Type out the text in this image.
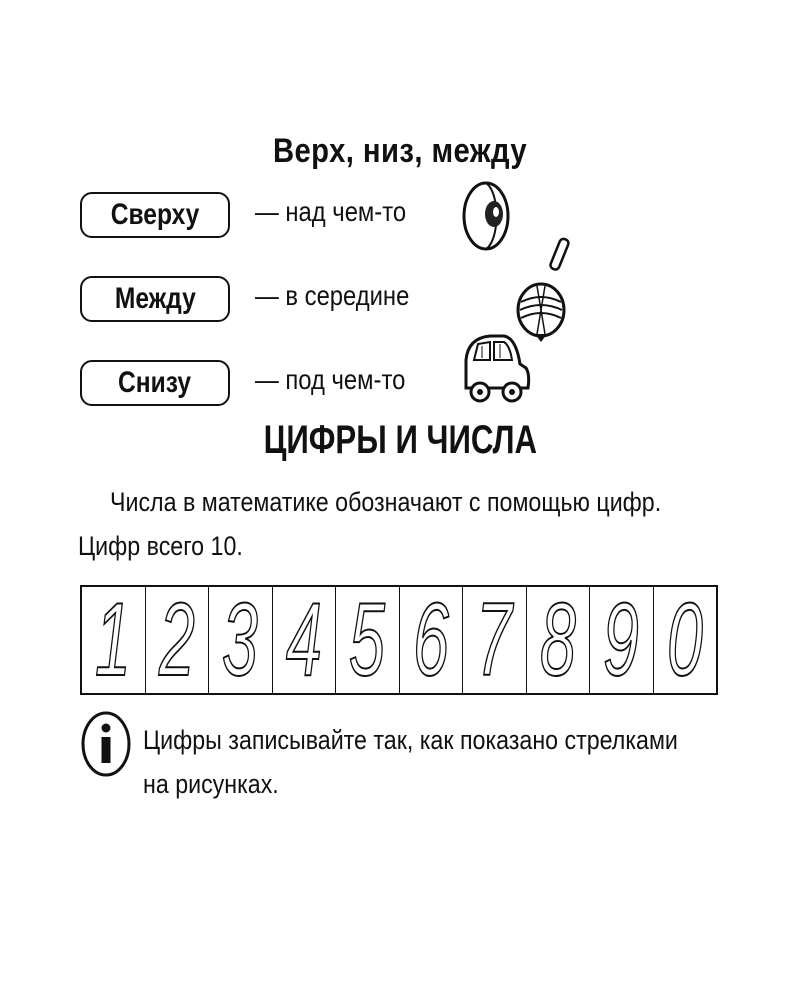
Верх, низ, между
Сверху	— над чем-то
Между	— в середине
Снизу	— под чем-то
ЦИФРЫ И ЧИСЛА
Числа в математике обозначают с помощью цифр.
Цифр всего 10.
1 2 3 4 5 6 7 8 9 0
Цифры записывайте так, как показано стрелками
на рисунках.
